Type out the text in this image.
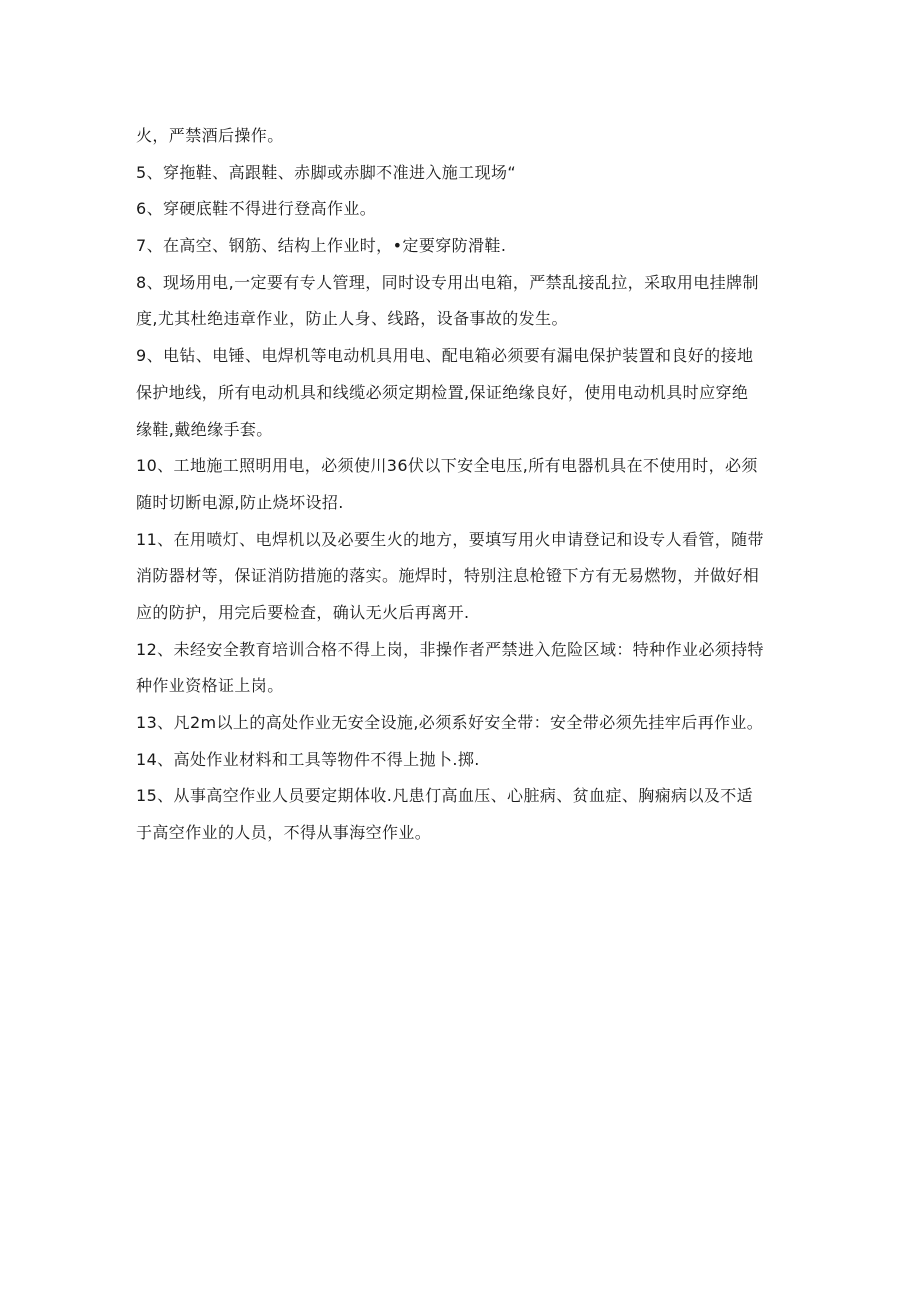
火，严禁酒后操作。
5、穿拖鞋、高跟鞋、赤脚或赤脚不准进入施工现场“
6、穿硬底鞋不得进行登高作业。
7、在高空、钢筋、结构上作业时，•定要穿防滑鞋.
8、现场用电,一定要有专人管理，同时设专用出电箱，严禁乱接乱拉，采取用电挂牌制
度,尤其杜绝违章作业，防止人身、线路，设备事故的发生。
9、电钻、电锤、电焊机等电动机具用电、配电箱必须要有漏电保护装置和良好的接地
保护地线，所有电动机具和线缆必须定期检置,保证绝缘良好，使用电动机具时应穿绝
缘鞋,戴绝缘手套。
10、工地施工照明用电，必须使川36伏以下安全电压,所有电器机具在不使用时，必须
随时切断电源,防止烧坏设招.
11、在用喷灯、电焊机以及必要生火的地方，要填写用火申请登记和设专人看管，随带
消防器材等，保证消防措施的落实。施焊时，特别注息枪镫下方有无易燃物，并做好相
应的防护，用完后要检査，确认无火后再离开.
12、未经安全教育培训合格不得上岗，非操作者严禁进入危险区域：特种作业必须持特
种作业资格证上岗。
13、凡2m以上的高处作业无安全设施,必须系好安全带：安全带必须先挂牢后再作业。
14、高处作业材料和工具等物件不得上抛卜.掷.
15、从事高空作业人员要定期体收.凡患仃高血压、心脏病、贫血症、胸痫病以及不适
于高空作业的人员，不得从事海空作业。
